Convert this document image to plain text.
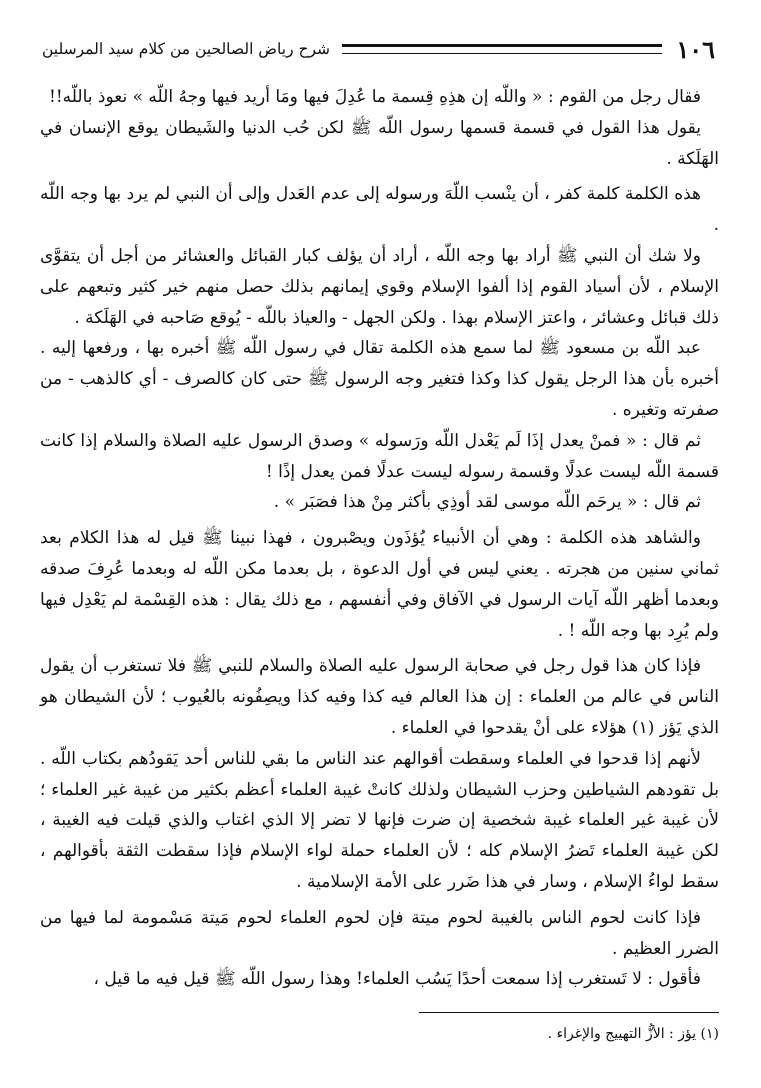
١٠٦
شرح رياض الصالحين من كلام سيد المرسلين

فقال رجل من القوم : « واللّه إن هذِهِ قِسمة ما عُدِلَ فيها ومَا أريد فيها وجهُ اللّه » نعوذ باللّه!!

يقول هذا القول في قسمة قسمها رسول اللّه ﷺ لكن حُب الدنيا والشَيطان يوقع الإنسان في الهَلَكة .

هذه الكلمة كلمة كفر ، أن ينْسب اللّهَ ورسوله إلى عدم العَدل وإلى أن النبي لم يرد بها وجه اللّه .

ولا شك أن النبي ﷺ أراد بها وجه اللّه ، أراد أن يؤلف كبار القبائل والعشائر من أجل أن يتقوَّى الإسلام ، لأن أسياد القوم إذا ألفوا الإسلام وقوي إيمانهم بذلك حصل منهم خير كثير وتبعهم على ذلك قبائل وعشائر ، واعتز الإسلام بهذا . ولكن الجهل - والعياذ باللّه - يُوقع صَاحبه في الهَلَكة .

عبد اللّه بن مسعود ﷺ لما سمع هذه الكلمة تقال في رسول اللّه ﷺ أخبره بها ، ورفعها إليه . أخبره بأن هذا الرجل يقول كذا وكذا فتغير وجه الرسول ﷺ حتى كان كالصرف - أي كالذهب - من صفرته وتغيره .

ثم قال : « فمنْ يعدل إذَا لَم يَعْدل اللّه ورَسوله » وصدق الرسول عليه الصلاة والسلام إذا كانت قسمة اللّه ليست عدلًا وقسمة رسوله ليست عدلًا فمن يعدل إذًا !

ثم قال : « يرحَم اللّه موسى لقد أوذِي بأكثر مِنْ هذا فصَبَر » .

والشاهد هذه الكلمة : وهي أن الأنبياء يُؤذَون ويصْبرون ، فهذا نبينا ﷺ قيل له هذا الكلام بعد ثماني سنين من هجرته . يعني ليس في أول الدعوة ، بل بعدما مكن اللّه له وبعدما عُرِفَ صدقه وبعدما أظهر اللّه آيات الرسول في الآفاق وفي أنفسهم ، مع ذلك يقال : هذه القِسْمة لم يَعْدِل فيها ولم يُرِد بها وجه اللّه ! .

فإذا كان هذا قول رجل في صحابة الرسول عليه الصلاة والسلام للنبي ﷺ فلا تستغرب أن يقول الناس في عالم من العلماء : إن هذا العالم فيه كذا وفيه كذا ويصِفُونه بالعُيوب ؛ لأن الشيطان هو الذي يَؤز (١) هؤلاء على أنْ يقدحوا في العلماء .

لأنهم إذا قدحوا في العلماء وسقطت أقوالهم عند الناس ما بقي للناس أحد يَقودُهم بكتاب اللّه . بل تقودهم الشياطين وحزب الشيطان ولذلك كانتْ غيبة العلماء أعظم بكثير من غيبة غير العلماء ؛ لأن غيبة غير العلماء غيبة شخصية إن ضرت فإنها لا تضر إلا الذي اغتاب والذي قيلت فيه الغيبة ، لكن غيبة العلماء تَضرُ الإسلام كله ؛ لأن العلماء حملة لواء الإسلام فإذا سقطت الثقة بأقوالهم ، سقط لواءُ الإسلام ، وسار في هذا ضَرر على الأمة الإسلامية .

فإذا كانت لحوم الناس بالغيبة لحوم ميتة فإن لحوم العلماء لحوم مَيتة مَسْمومة لما فيها من الضرر العظيم .

فأقول : لا تَستغرب إذا سمعت أحدًا يَسُب العلماء! وهذا رسول اللّه ﷺ قيل فيه ما قيل ،

(١) يؤز : الأزُّ التهييج والإغراء .
